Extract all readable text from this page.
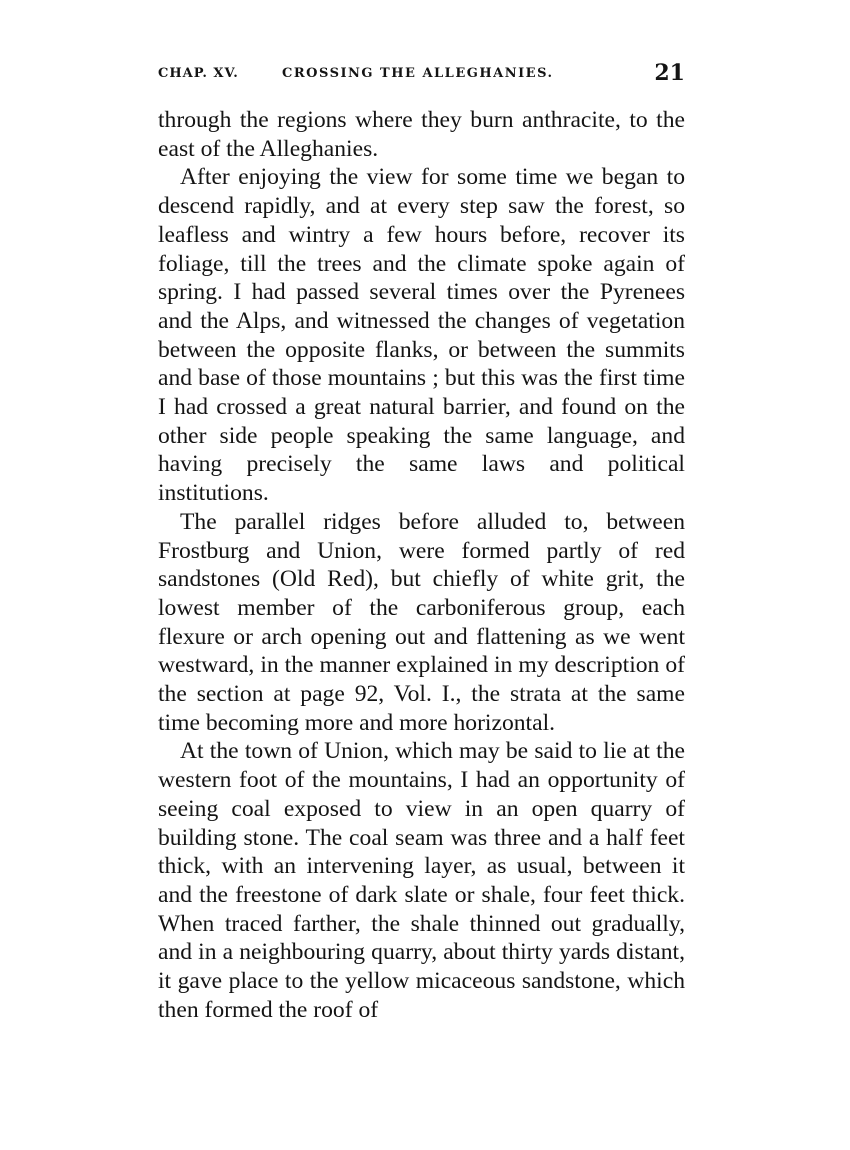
CHAP. XV.	CROSSING THE ALLEGHANIES.	21

through the regions where they burn anthracite, to the east of the Alleghanies.

After enjoying the view for some time we began to descend rapidly, and at every step saw the forest, so leafless and wintry a few hours before, recover its foliage, till the trees and the climate spoke again of spring. I had passed several times over the Pyrenees and the Alps, and witnessed the changes of vegetation between the opposite flanks, or between the summits and base of those mountains ; but this was the first time I had crossed a great natural barrier, and found on the other side people speaking the same language, and having precisely the same laws and political institutions.

The parallel ridges before alluded to, between Frostburg and Union, were formed partly of red sandstones (Old Red), but chiefly of white grit, the lowest member of the carboniferous group, each flexure or arch opening out and flattening as we went westward, in the manner explained in my description of the section at page 92, Vol. I., the strata at the same time becoming more and more horizontal.

At the town of Union, which may be said to lie at the western foot of the mountains, I had an opportunity of seeing coal exposed to view in an open quarry of building stone. The coal seam was three and a half feet thick, with an intervening layer, as usual, between it and the freestone of dark slate or shale, four feet thick. When traced farther, the shale thinned out gradually, and in a neighbouring quarry, about thirty yards distant, it gave place to the yellow micaceous sandstone, which then formed the roof of
